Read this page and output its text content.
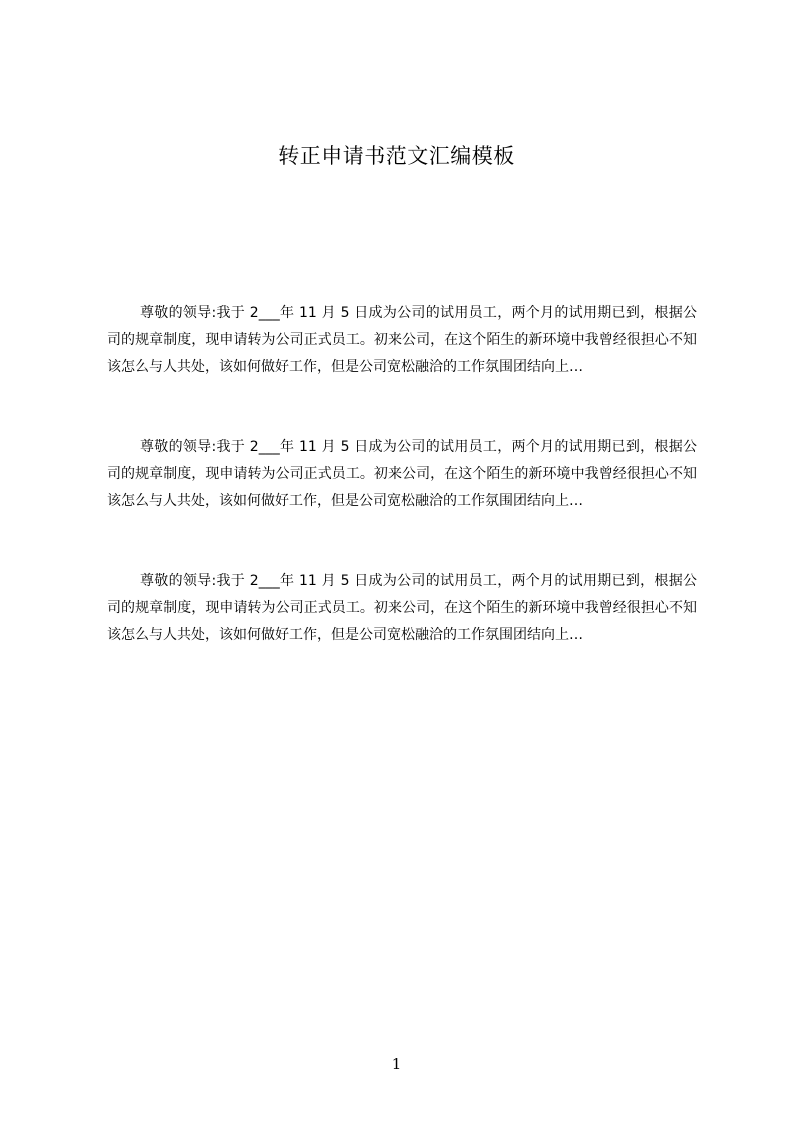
转正申请书范文汇编模板

尊敬的领导:我于 2___年 11 月 5 日成为公司的试用员工，两个月的试用期已到，根据公司的规章制度，现申请转为公司正式员工。初来公司，在这个陌生的新环境中我曾经很担心不知该怎么与人共处，该如何做好工作，但是公司宽松融洽的工作氛围团结向上…

尊敬的领导:我于 2___年 11 月 5 日成为公司的试用员工，两个月的试用期已到，根据公司的规章制度，现申请转为公司正式员工。初来公司，在这个陌生的新环境中我曾经很担心不知该怎么与人共处，该如何做好工作，但是公司宽松融洽的工作氛围团结向上…

尊敬的领导:我于 2___年 11 月 5 日成为公司的试用员工，两个月的试用期已到，根据公司的规章制度，现申请转为公司正式员工。初来公司，在这个陌生的新环境中我曾经很担心不知该怎么与人共处，该如何做好工作，但是公司宽松融洽的工作氛围团结向上…

1
